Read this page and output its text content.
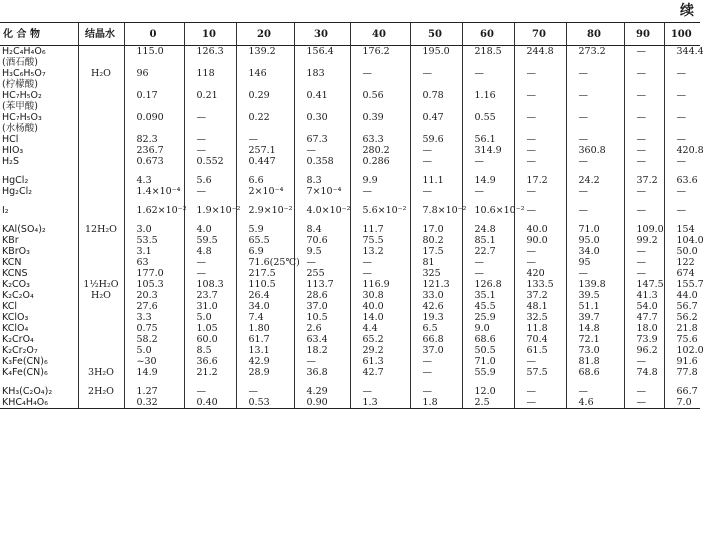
续
化 合 物	结晶水	0	10	20	30	40	50	60	70	80	90	100
H₂C₄H₄O₆		115.0	126.3	139.2	156.4	176.2	195.0	218.5	244.8	273.2	—	344.4
(酒石酸)												
H₃C₆H₅O₇	H₂O	96	118	146	183	—	—	—	—	—	—	—
(柠檬酸)												
HC₇H₅O₂		0.17	0.21	0.29	0.41	0.56	0.78	1.16	—	—	—	—
(苯甲酸)												
HC₇H₅O₃		0.090	—	0.22	0.30	0.39	0.47	0.55	—	—	—	—
(水杨酸)												
HCl		82.3	—	—	67.3	63.3	59.6	56.1	—	—	—	—
HIO₃		236.7	—	257.1	—	280.2	—	314.9	—	360.8	—	420.8
H₂S		0.673	0.552	0.447	0.358	0.286	—	—	—	—	—	—

HgCl₂		4.3	5.6	6.6	8.3	9.9	11.1	14.9	17.2	24.2	37.2	63.6
Hg₂Cl₂		1.4×10⁻⁴	—	2×10⁻⁴	7×10⁻⁴	—	—	—	—	—	—	—

I₂		1.62×10⁻²	1.9×10⁻²	2.9×10⁻²	4.0×10⁻²	5.6×10⁻²	7.8×10⁻²	10.6×10⁻²	—	—	—	—

KAl(SO₄)₂	12H₂O	3.0	4.0	5.9	8.4	11.7	17.0	24.8	40.0	71.0	109.0	154
KBr		53.5	59.5	65.5	70.6	75.5	80.2	85.1	90.0	95.0	99.2	104.0
KBrO₃		3.1	4.8	6.9	9.5	13.2	17.5	22.7	—	34.0	—	50.0
KCN		63	—	71.6(25℃)	—	—	81	—	—	95	—	122
KCNS		177.0	—	217.5	255	—	325	—	420	—	—	674
K₂CO₃	1½H₂O	105.3	108.3	110.5	113.7	116.9	121.3	126.8	133.5	139.8	147.5	155.7
K₂C₂O₄	H₂O	20.3	23.7	26.4	28.6	30.8	33.0	35.1	37.2	39.5	41.3	44.0
KCl		27.6	31.0	34.0	37.0	40.0	42.6	45.5	48.1	51.1	54.0	56.7
KClO₃		3.3	5.0	7.4	10.5	14.0	19.3	25.9	32.5	39.7	47.7	56.2
KClO₄		0.75	1.05	1.80	2.6	4.4	6.5	9.0	11.8	14.8	18.0	21.8
K₂CrO₄		58.2	60.0	61.7	63.4	65.2	66.8	68.6	70.4	72.1	73.9	75.6
K₂Cr₂O₇		5.0	8.5	13.1	18.2	29.2	37.0	50.5	61.5	73.0	96.2	102.0
K₃Fe(CN)₆		~30	36.6	42.9	—	61.3	—	71.0	—	81.8	—	91.6
K₄Fe(CN)₆	3H₂O	14.9	21.2	28.9	36.8	42.7	—	55.9	57.5	68.6	74.8	77.8

KH₃(C₂O₄)₂	2H₂O	1.27	—	—	4.29	—	—	12.0	—	—	—	66.7
KHC₄H₄O₆		0.32	0.40	0.53	0.90	1.3	1.8	2.5	—	4.6	—	7.0
